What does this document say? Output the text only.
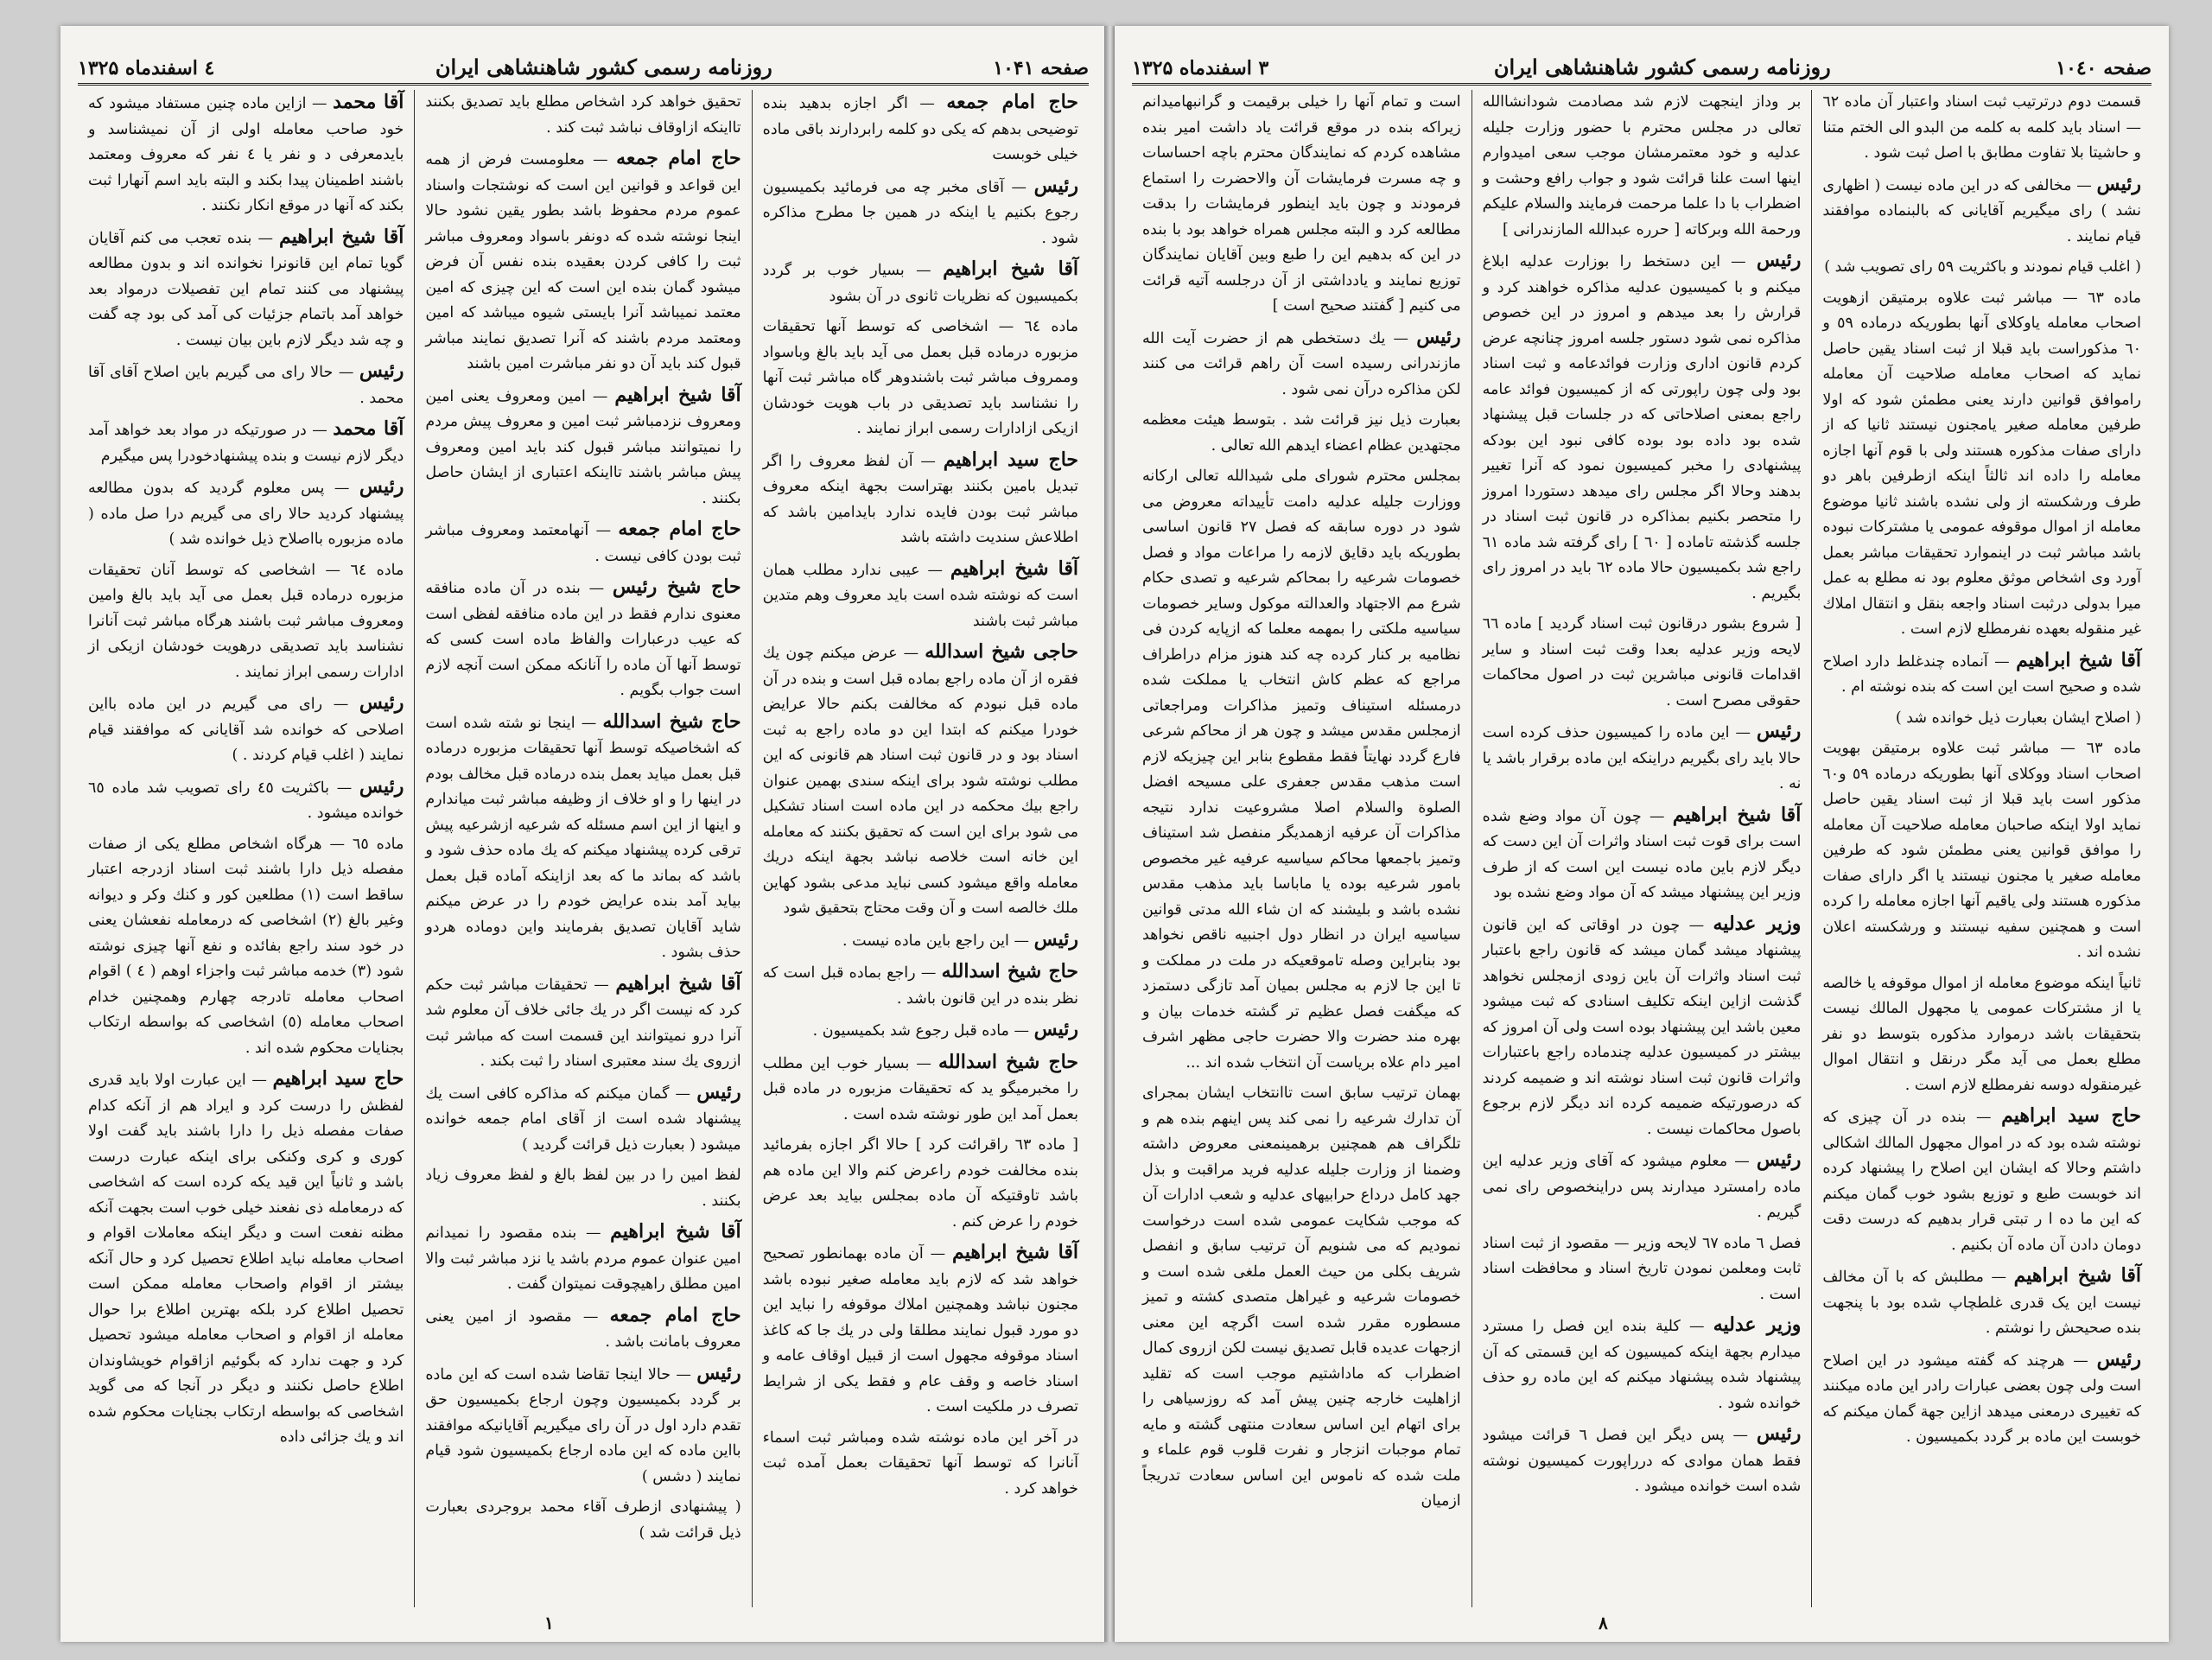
صفحه ۱۰۴۱
روزنامه رسمی کشور شاهنشاهی ایران
٤ اسفندماه ۱۳۲۵

حاج امام جمعه — اگر اجازه بدهید بنده توضیحی بدهم که یکی دو کلمه رابردارند باقی ماده خیلی خوبست

رئیس — آقای مخبر چه می فرمائید بکمیسیون رجوع بکنیم یا اینکه در همین جا مطرح مذاکره شود .

آقا شیخ ابراهیم — بسیار خوب بر گردد بکمیسیون که نظریات ثانوی در آن بشود

ماده ٦٤ — اشخاصی که توسط آنها تحقیقات مزبوره درماده قبل بعمل می آید باید بالغ وباسواد وممروف مباشر ثبت باشندوهر گاه مباشر ثبت آنها را نشناسد باید تصدیقی در باب هویت خودشان ازیکی ازادارات رسمی ابراز نمایند .

حاج سید ابراهیم — آن لفظ معروف را اگر تبدیل بامین بکنند بهتراست بجهة اینکه معروف مباشر ثبت بودن فایده ندارد بایدامین باشد که اطلاعش سندیت داشته باشد

آقا شیخ ابراهیم — عیبی ندارد مطلب همان است که نوشته شده است باید معروف وهم متدین مباشر ثبت باشند

حاجی شیخ اسدالله — عرض میکنم چون یك فقره از آن ماده راجع بماده قبل است و بنده در آن ماده قبل نبودم که مخالفت بکنم حالا عرایض خودرا میکنم که ابتدا این دو ماده راجع به ثبت اسناد بود و در قانون ثبت اسناد هم قانونی که این مطلب نوشته شود برای اینکه سندی بهمین عنوان راجع بیك محکمه در این ماده است اسناد تشکیل می شود برای این است که تحقیق بکنند که معامله این خانه است خلاصه نباشد بجهة اینکه دریك معامله واقع میشود کسی نباید مدعی بشود کهاین ملك خالصه است و آن وقت محتاج بتحقیق شود

رئیس — این راجع باین ماده نیست .

حاج شیخ اسدالله — راجع بماده قبل است که نظر بنده در این قانون باشد .

رئیس — ماده قبل رجوع شد بکمیسیون .

حاج شیخ اسدالله — بسیار خوب این مطلب را مخبرمیگو ید که تحقیقات مزبوره در ماده قبل بعمل آمد این طور نوشته شده است .

[ ماده ٦٣ راقرائت کرد ] حالا اگر اجازه بفرمائید بنده مخالفت خودم راعرض کنم والا این ماده هم باشد تاوقتیکه آن ماده بمجلس بیاید بعد عرض خودم را عرض کنم .

آقا شیخ ابراهیم — آن ماده بهمانطور تصحیح خواهد شد که لازم باید معامله صغیر نبوده باشد مجنون نباشد وهمچنین املاك موقوفه را نباید این دو مورد قبول نمایند مطلقا ولی در یك جا که کاغذ اسناد موقوفه مجهول است از قبیل اوقاف عامه و اسناد خاصه و وقف عام و فقط یكی از شرایط تصرف در ملکیت است .

در آخر این ماده نوشته شده ومباشر ثبت اسماء آنانرا که توسط آنها تحقیقات بعمل آمده ثبت خواهد کرد .

تحقیق خواهد کرد اشخاص مطلع باید تصدیق بکنند تااینکه ازاوقاف نباشد ثبت کند .

حاج امام جمعه — معلومست فرض از همه این قواعد و قوانین این است که نوشتجات واسناد عموم مردم محفوظ باشد بطور یقین نشود حالا اینجا نوشته شده که دونفر باسواد ومعروف مباشر ثبت را کافی کردن بعقیده بنده نفس آن فرض میشود گمان بنده این است که این چیزی که امین معتمد نمیباشد آنرا بایستی شیوه میباشد که امین ومعتمد مردم باشند که آنرا تصدیق نمایند مباشر قبول کند باید آن دو نفر مباشرت امین باشند

آقا شیخ ابراهیم — امین ومعروف یعنی امین ومعروف نزدمباشر ثبت امین و معروف پیش مردم را نمیتوانند مباشر قبول کند باید امین ومعروف پیش مباشر باشند تااینکه اعتباری از ایشان حاصل بکنند .

حاج امام جمعه — آنهامعتمد ومعروف مباشر ثبت بودن کافی نیست .

حاج شیخ رئیس — بنده در آن ماده منافقه معنوی ندارم فقط در این ماده منافقه لفظی است که عیب درعبارات والفاظ ماده است کسی که توسط آنها آن ماده را آنانکه ممکن است آنچه لازم است جواب بگویم .

حاج شیخ اسدالله — اینجا نو شته شده است که اشخاصیکه توسط آنها تحقیقات مزبوره درماده قبل بعمل میاید بعمل بنده درماده قبل مخالف بودم در اینها را و او خلاف از وظیفه مباشر ثبت میاندارم و اینها از این اسم مسئله که شرعیه ازشرعیه پیش ترقی کرده پیشنهاد میکنم که یك ماده حذف شود و باشد که بماند ما که بعد ازاینکه آماده قبل بعمل بیاید آمد بنده عرایض خودم را در عرض میکنم شاید آقایان تصدیق بفرمایند واین دوماده هردو حذف بشود .

آقا شیخ ابراهیم — تحقیقات مباشر ثبت حکم کرد که نیست اگر در یك جائی خلاف آن معلوم شد آنرا درو نمیتوانند این قسمت است که مباشر ثبت ازروی یك سند معتبری اسناد را ثبت بکند .

رئیس — گمان میکنم که مذاکره کافی است یك پیشنهاد شده است از آقای امام جمعه خوانده میشود ( بعبارت ذیل قرائت گردید )

لفظ امین را در بین لفظ بالغ و لفظ معروف زیاد بکنند .

آقا شیخ ابراهیم — بنده مقصود را نمیدانم امین عنوان عموم مردم باشد یا نزد مباشر ثبت والا امین مطلق راهیچوقت نمیتوان گفت .

حاج امام جمعه — مقصود از امین یعنی معروف بامانت باشد .

رئیس — حالا اینجا تقاضا شده است که این ماده بر گردد بکمیسیون وچون ارجاع بکمیسیون حق تقدم دارد اول در آن رای میگیریم آقایانیکه موافقند بااین ماده که این ماده ارجاع بکمیسیون شود قیام نمایند ( دشس )

( پیشنهادی ازطرف آقاء محمد بروجردی بعبارت ذیل قرائت شد )

آقا محمد — ازاین ماده چنین مستفاد میشود که خود صاحب معامله اولی از آن نمیشناسد و بایدمعرفی د و نفر یا ٤ نفر که معروف ومعتمد باشند اطمینان پیدا بکند و البته باید اسم آنهارا ثبت بکند که آنها در موقع انکار نکنند .

آقا شیخ ابراهیم — بنده تعجب می کنم آقایان گویا تمام این قانونرا نخوانده اند و بدون مطالعه پیشنهاد می کنند تمام این تفصیلات درمواد بعد خواهد آمد باتمام جزئیات کی آمد کی بود چه گفت و چه شد دیگر لازم باین بیان نیست .

رئیس — حالا رای می گیریم باین اصلاح آقای آقا محمد .

آقا محمد — در صورتیکه در مواد بعد خواهد آمد دیگر لازم نیست و بنده پیشنهادخودرا پس میگیرم

رئیس — پس معلوم گردید که بدون مطالعه پیشنهاد کردید حالا رای می گیریم درا صل ماده ( ماده مزبوره بااصلاح ذیل خوانده شد )

ماده ٦٤ — اشخاصی که توسط آنان تحقیقات مزبوره درماده قبل بعمل می آید باید بالغ وامین ومعروف مباشر ثبت باشند هرگاه مباشر ثبت آنانرا نشناسد باید تصدیقی درهویت خودشان ازیکی از ادارات رسمی ابراز نمایند .

رئیس — رای می گیریم در این ماده بااین اصلاحی که خوانده شد آقایانی که موافقند قیام نمایند ( اغلب قیام کردند . )

رئیس — باکثریت ٤٥ رای تصویب شد ماده ٦٥ خوانده میشود .

ماده ٦٥ — هرگاه اشخاص مطلع یکی از صفات مفصله ذیل دارا باشند ثبت اسناد ازدرجه اعتبار ساقط است (۱) مطلعین کور و کنك وکر و دیوانه وغیر بالغ (۲) اشخاصی که درمعامله نفعشان یعنی در خود سند راجع بفائده و نفع آنها چیزی نوشته شود (۳) خدمه مباشر ثبت واجزاء اوهم ( ٤ ) اقوام اصحاب معامله تادرجه چهارم وهمچنین خدام اصحاب معامله (٥) اشخاصی که بواسطه ارتکاب بجنایات محکوم شده اند .

حاج سید ابراهیم — این عبارت اولا باید قدری لفظش را درست کرد و ایراد هم از آنکه کدام صفات مفصله ذیل را دارا باشند باید گفت اولا کوری و کری وکنکی برای اینکه عبارت درست باشد و ثانیاً این قید یکه کرده است که اشخاصی که درمعامله ذی نفعند خیلی خوب است بجهت آنکه مظنه نفعت است و دیگر اینکه معاملات اقوام و اصحاب معامله نباید اطلاع تحصیل کرد و حال آنکه بیشتر از اقوام واصحاب معامله ممکن است تحصیل اطلاع کرد بلکه بهترین اطلاع برا حوال معامله از اقوام و اصحاب معامله میشود تحصیل کرد و جهت ندارد که بگوئیم ازاقوام خویشاوندان اطلاع حاصل نکنند و دیگر در آنجا که می گوید اشخاصی که بواسطه ارتکاب بجنایات محکوم شده اند و یك جزائی داده

۱
صفحه ۱۰٤٠
روزنامه رسمی کشور شاهنشاهی ایران
۳ اسفندماه ۱۳۲۵

قسمت دوم درترتیب ثبت اسناد واعتبار آن ماده ٦٢ — اسناد باید کلمه به کلمه من البدو الی الختم متنا و حاشیتا بلا تفاوت مطابق با اصل ثبت شود .

رئیس — مخالفی که در این ماده نیست ( اظهاری نشد ) رای میگیریم آقایانی که بالبنماده موافقند قیام نمایند .

( اغلب قیام نمودند و باکثریت ٥٩ رای تصویب شد )

ماده ٦۳ — مباشر ثبت علاوه برمتیقن ازهویت اصحاب معامله یاوکلای آنها بطوریکه درماده ٥٩ و ٦٠ مذکوراست باید قبلا از ثبت اسناد یقین حاصل نماید که اصحاب معامله صلاحیت آن معامله راموافق قوانین دارند یعنی مطمئن شود که اولا طرفین معامله صغیر یامجنون نیستند ثانیا که از دارای صفات مذکوره هستند ولی با قوم آنها اجازه معامله را داده اند ثالثاً اینکه ازطرفین باهر دو طرف ورشکسته از ولی نشده باشند ثانیا موضوع معامله از اموال موقوفه عمومی یا مشترکات نبوده باشد مباشر ثبت در اینموارد تحقیقات مباشر بعمل آورد وی اشخاص موثق معلوم بود نه مطلع به عمل میرا بدولی درثبت اسناد واجعه بنقل و انتقال املاك غیر منقوله بعهده نفرمطلع لازم است .

آقا شیخ ابراهیم — آنماده چندغلط دارد اصلاح شده و صحیح است این است که بنده نوشته ام .

( اصلاح ایشان بعبارت ذیل خوانده شد )

ماده ٦۳ — مباشر ثبت علاوه برمتیقن بهویت اصحاب اسناد ووکلای آنها بطوریکه درماده ٥٩ و٦٠ مذکور است باید قبلا از ثبت اسناد یقین حاصل نماید اولا اینکه صاحبان معامله صلاحیت آن معامله را موافق قوانین یعنی مطمئن شود که طرفین معامله صغیر یا مجنون نیستند یا اگر دارای صفات مذکوره هستند ولی یاقیم آنها اجازه معامله را کرده است و همچنین سفیه نیستند و ورشکسته اعلان نشده اند .

ثانیاً اینکه موضوع معامله از اموال موقوفه یا خالصه یا از مشترکات عمومی یا مجهول المالك نیست بتحقیقات باشد درموارد مذکوره بتوسط دو نفر مطلع بعمل می آید مگر درنقل و انتقال اموال غیرمنقوله دوسه نفرمطلع لازم است .

حاج سید ابراهیم — بنده در آن چیزی که نوشته شده بود که در اموال مجهول المالك اشکالی داشتم وحالا که ایشان این اصلاح را پیشنهاد کرده اند خوبست طبع و توزیع بشود خوب گمان میکنم که این ما ده ا ر تبتی قرار بدهیم که درست دقت دومان دادن آن ماده آن بکنیم .

آقا شیخ ابراهیم — مطلبش که با آن مخالف نیست این یک قدری غلطچاپ شده بود با پنجهت بنده صحیحش را نوشتم .

رئیس — هرچند که گفته میشود در این اصلاح است ولی چون بعضی عبارات رادر این ماده میکنند که تغییری درمعنی میدهد ازاین جهة گمان میکنم که خوبست این ماده بر گردد بکمیسیون .

بر وداز اینجهت لازم شد مصادمت شودانشاالله تعالی در مجلس محترم با حضور وزارت جلیله عدلیه و خود معتمرمشان موجب سعی امیدوارم اینها است علنا قرائت شود و جواب رافع وحشت و اضطراب با دا علما مرحمت فرمایند والسلام علیکم ورحمة الله وبرکاته [ حرره عبدالله المازندرانی ]

رئیس — این دستخط را بوزارت عدلیه ابلاغ میکنم و با کمیسیون عدلیه مذاکره خواهند کرد و قرارش را بعد میدهم و امروز در این خصوص مذاکره نمی شود دستور جلسه امروز چنانچه عرض کردم قانون اداری وزارت فوائدعامه و ثبت اسناد بود ولی چون راپورتی که از کمیسیون فوائد عامه راجع بمعنی اصلاحاتی که در جلسات قبل پیشنهاد شده بود داده بود بوده کافی نبود این بودکه پیشنهادی را مخبر کمیسیون نمود که آنرا تغییر بدهند وحالا اگر مجلس رای میدهد دستوردا امروز را متحصر بکنیم بمذاکره در قانون ثبت اسناد در جلسه گذشته تاماده [ ٦٠ ] رای گرفته شد ماده ٦۱ راجع شد بکمیسیون حالا ماده ٦۲ باید در امروز رای بگیریم .

[ شروع بشور درقانون ثبت اسناد گردید ] ماده ٦٦ لایحه وزیر عدلیه بعدا وقت ثبت اسناد و سایر اقدامات قانونی مباشرین ثبت در اصول محاکمات حقوقی مصرح است .

رئیس — این ماده را کمیسیون حذف کرده است حالا باید رای بگیریم دراینکه این ماده برقرار باشد یا نه .

آقا شیخ ابراهیم — چون آن مواد وضع شده است برای قوت ثبت اسناد واثرات آن این دست که دیگر لازم باین ماده نیست این است که از طرف وزیر این پیشنهاد میشد که آن مواد وضع نشده بود

وزیر عدلیه — چون در اوقاتی که این قانون پیشنهاد میشد گمان میشد که قانون راجع باعتبار ثبت اسناد واثرات آن باین زودی ازمجلس نخواهد گذشت ازاین اینکه تکلیف اسنادی که ثبت میشود معین باشد این پیشنهاد بوده است ولی آن امروز که بیشتر در کمیسیون عدلیه چندماده راجع باعتبارات واثرات قانون ثبت اسناد نوشته اند و ضمیمه کردند که درصورتیکه ضمیمه کرده اند دیگر لازم برجوع باصول محاکمات نیست .

رئیس — معلوم میشود که آقای وزیر عدلیه این ماده رامسترد میدارند پس دراینخصوص رای نمی گیریم .

فصل ٦ ماده ٦٧ لایحه وزیر — مقصود از ثبت اسناد ثابت ومعلمن نمودن تاریخ اسناد و محافظت اسناد است .

وزیر عدلیه — کلیة بنده این فصل را مسترد میدارم بجهة اینکه کمیسیون که این قسمتی که آن پیشنهاد شده پیشنهاد میکنم که این ماده رو حذف خوانده شود .

رئیس — پس دیگر این فصل ٦ قرائت میشود فقط همان موادی که درراپورت کمیسیون نوشته شده است خوانده میشود .

است و تمام آنها را خیلی برقیمت و گرانبهامیدانم زیراکه بنده در موقع قرائت یاد داشت امیر بنده مشاهده کردم که نمایندگان محترم باچه احساسات و چه مسرت فرمایشات آن والاحضرت را استماع فرمودند و چون باید اینطور فرمایشات را بدقت مطالعه کرد و البته مجلس همراه خواهد بود با بنده در این که بدهیم این را طبع وبین آقایان نمایندگان توزیع نمایند و یادداشتی از آن درجلسه آتیه قرائت می کنیم [ گفتند صحیح است ]

رئیس — یك دستخطی هم از حضرت آیت الله مازندرانی رسیده است آن راهم قرائت می کنند لکن مذاکره درآن نمی شود .

بعبارت ذیل نیز قرائت شد . بتوسط هیئت معظمه مجتهدین عظام اعضاء ایدهم الله تعالی .

بمجلس محترم شورای ملی شیدالله تعالی ارکانه ووزارت جلیله عدلیه دامت تأییداته معروض می شود در دوره سابقه که فصل ۲۷ قانون اساسی بطوریکه باید دقایق لازمه را مراعات مواد و فصل خصومات شرعیه را بمحاکم شرعیه و تصدی حکام شرع مم الاجتهاد والعدالته موکول وسایر خصومات سیاسیه ملکتی را بمهمه معلما که ازپایه کردن فی نظامیه بر کنار کرده چه کند هنوز مزام دراطراف مراجع که عظم کاش انتخاب یا مملکت شده درمسئله استیناف وتمیز مذاکرات ومراجعاتی ازمجلس مقدس میشد و چون هر از محاکم شرعی فارع گردد نهایتاً فقط مقطوع بنابر این چیزیکه لازم است مذهب مقدس جعفری علی مسیحه افضل الصلوة والسلام اصلا مشروعیت ندارد نتیجه مذاکرات آن عرفیه ازهمدیگر منفصل شد استیناف وتمیز باجمعها محاکم سیاسیه عرفیه غیر مخصوص بامور شرعیه بوده یا ماباسا باید مذهب مقدس نشده باشد و بلیشند که ان شاء الله مدتی قوانین سیاسیه ایران در انظار دول اجنبیه ناقص نخواهد بود بنابراین وصله تاموقعیکه در ملت در مملکت و تا این جا لازم به مجلس بمیان آمد تازگی دستمزد که میگفت فصل عظیم تر گشته خدمات بیان و بهره مند حضرت والا حضرت حاجی مظهر اشرف امیر دام علاه بریاست آن انتخاب شده اند ...

بهمان ترتیب سابق است تاانتخاب ایشان بمجرای آن تدارك شرعیه را نمی کند پس اینهم بنده هم و تلگراف هم همچنین برهمینمعنی معروض داشته وضمنا از وزارت جلیله عدلیه فرید مراقبت و بذل جهد کامل درداع حرابیهای عدلیه و شعب ادارات آن که موجب شکایت عمومی شده است درخواست نمودیم که می شنویم آن ترتیب سابق و انفصل شریف بکلی من حیث العمل ملغی شده است و خصومات شرعیه و غیراهل متصدی کشته و تمیز مسطوره مقرر شده است اگرچه این معنی ازجهات عدیده قابل تصدیق نیست لکن ازروی کمال اضطراب که ماداشتیم موجب است که تقلید ازاهلیت خارجه چنین پیش آمد که روزسیاهی را برای اتهام این اساس سعادت منتهی گشته و مایه تمام موجبات انزجار و نفرت قلوب قوم علماء و ملت شده که ناموس این اساس سعادت تدریجاً ازمیان

۸
